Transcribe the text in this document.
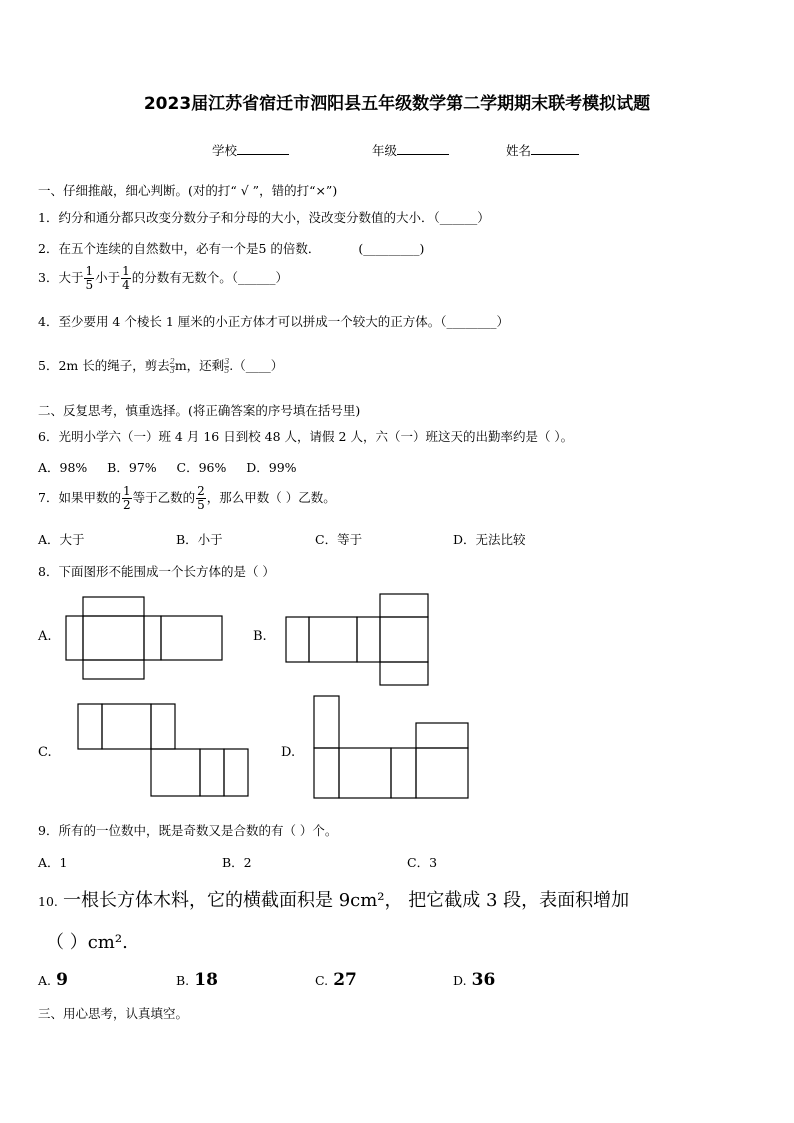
2023届江苏省宿迁市泗阳县五年级数学第二学期期末联考模拟试题
学校	年级	姓名
一、仔细推敲，细心判断。(对的打“ √ ”，错的打“×”)
1．约分和通分都只改变分数分子和分母的大小，没改变分数值的大小．（______）
2．在五个连续的自然数中，必有一个是5 的倍数．	(_________)
3．大于 $\frac{1}{5}$ 小于 $\frac{1}{4}$ 的分数有无数个。（______）
4．至少要用 4 个棱长 1 厘米的小正方体才可以拼成一个较大的正方体。（________）
5．2m 长的绳子，剪去 $\frac{2}{3}m$，还剩 $\frac{3}{5}.(\_\_\_\_)$
二、反复思考，慎重选择。(将正确答案的序号填在括号里)
6．光明小学六（一）班 4 月 16 日到校 48 人，请假 2 人，六（一）班这天的出勤率约是（ ）。
A．98%     B．97%     C．96%     D．99%
7．如果甲数的 $\frac{1}{2}$ 等于乙数的 $\frac{2}{5}$ ，那么甲数（ ）乙数。
A．大于	B．小于	C．等于	D．无法比较
8．下面图形不能围成一个长方体的是（ ）
A.	B.
C.	D.
9．所有的一位数中，既是奇数又是合数的有（ ）个。
A．1	B．2	C．3
10. 一根长方体木料，它的横截面积是 9cm²， 把它截成 3 段，表面积增加
（ ）cm².
A. 9	B. 18	C. 27	D. 36
三、用心思考，认真填空。
